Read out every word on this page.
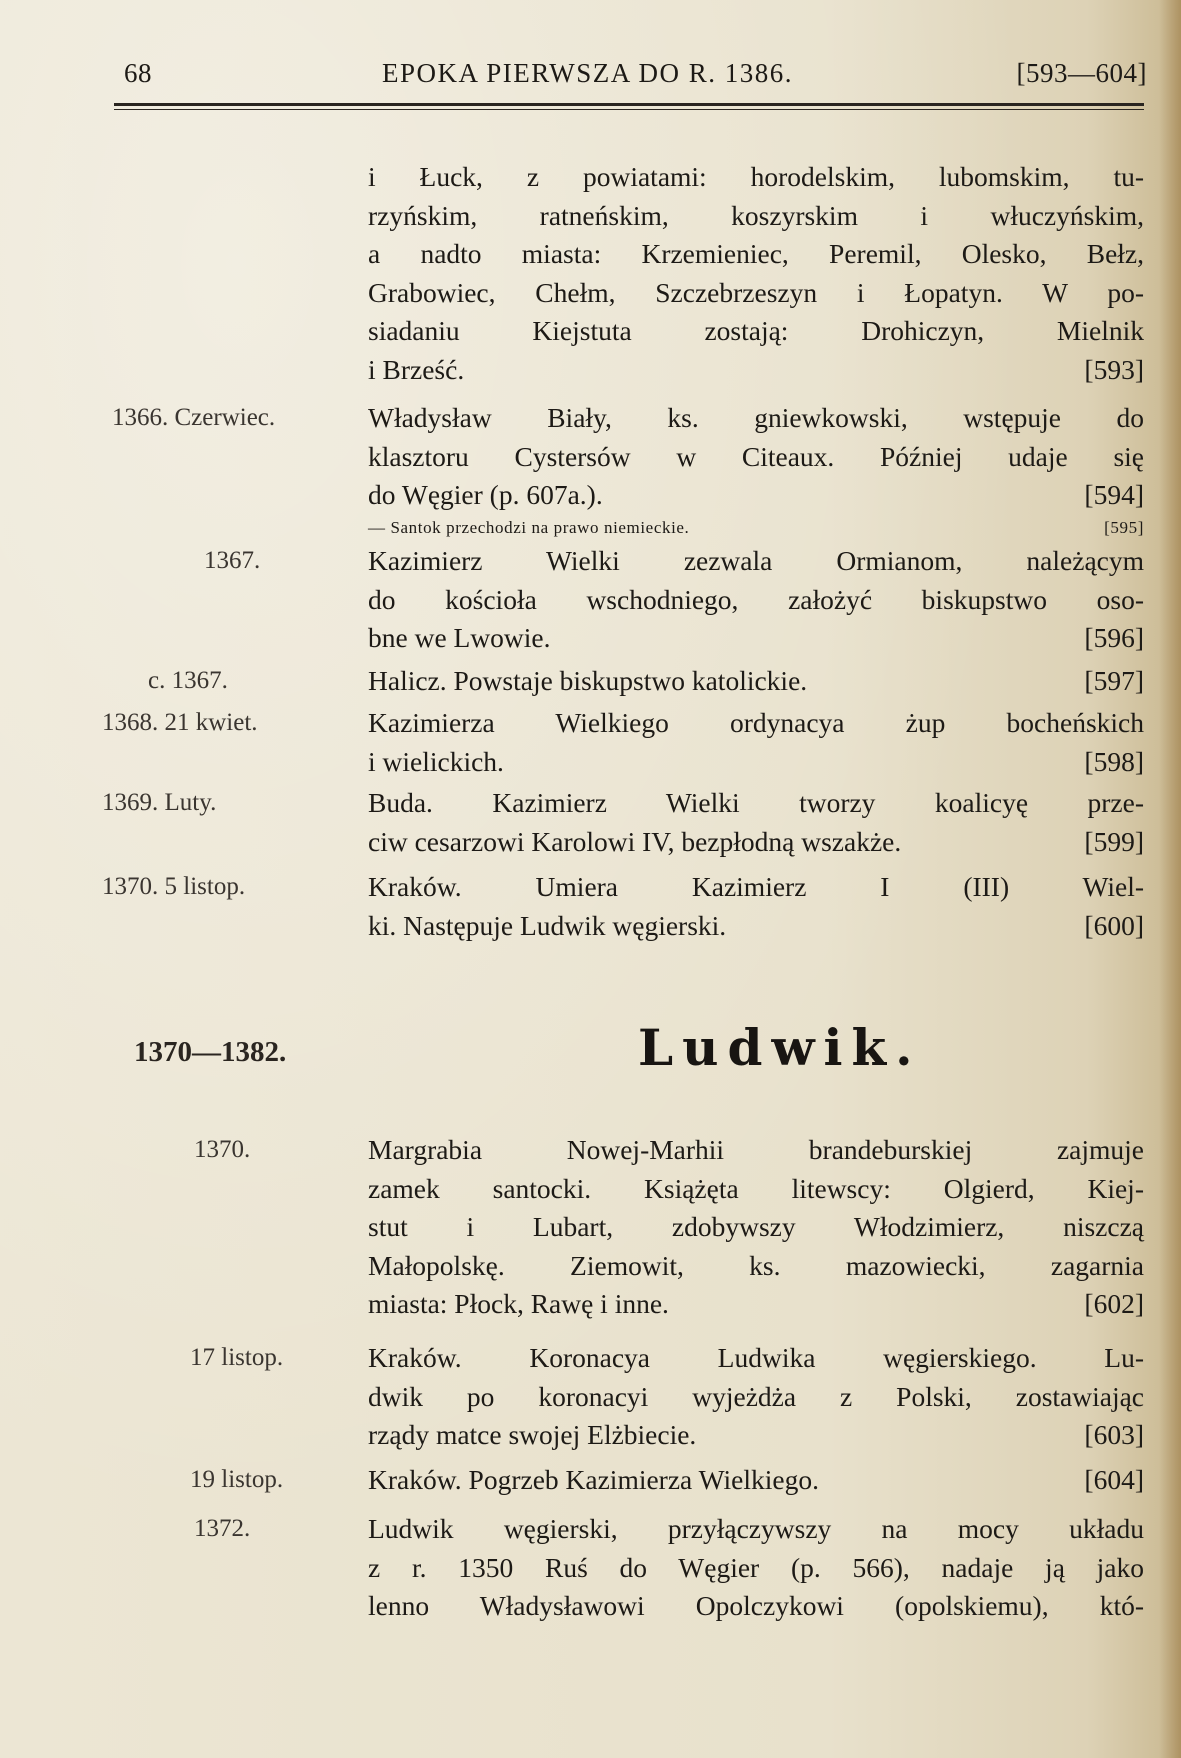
68	EPOKA PIERWSZA DO R. 1386.	[593—604]
i Łuck, z powiatami: horodelskim, lubomskim, tu-
rzyńskim, ratneńskim, koszyrskim i włuczyńskim,
a nadto miasta: Krzemieniec, Peremil, Olesko, Bełz,
Grabowiec, Chełm, Szczebrzeszyn i Łopatyn. W po-
siadaniu Kiejstuta zostają: Drohiczyn, Mielnik
i Brześć.	[593]
1366. Czerwiec.	Władysław Biały, ks. gniewkowski, wstępuje do
klasztoru Cystersów w Citeaux. Później udaje się
do Węgier (p. 607a.).	[594]
— Santok przechodzi na prawo niemieckie.	[595]
1367.	Kazimierz Wielki zezwala Ormianom, należącym
do kościoła wschodniego, założyć biskupstwo oso-
bne we Lwowie.	[596]
c. 1367.	Halicz. Powstaje biskupstwo katolickie.	[597]
1368. 21 kwiet.	Kazimierza Wielkiego ordynacya żup bocheńskich
i wielickich.	[598]
1369. Luty.	Buda. Kazimierz Wielki tworzy koalicyę prze-
ciw cesarzowi Karolowi IV, bezpłodną wszakże.	[599]
1370. 5 listop.	Kraków. Umiera Kazimierz I (III) Wiel-
ki. Następuje Ludwik węgierski.	[600]
1370—1382.	Ludwik.
1370.	Margrabia Nowej-Marhii brandeburskiej zajmuje
zamek santocki. Książęta litewscy: Olgierd, Kiej-
stut i Lubart, zdobywszy Włodzimierz, niszczą
Małopolskę. Ziemowit, ks. mazowiecki, zagarnia
miasta: Płock, Rawę i inne.	[602]
17 listop.	Kraków. Koronacya Ludwika węgierskiego. Lu-
dwik po koronacyi wyjeżdża z Polski, zostawiając
rządy matce swojej Elżbiecie.	[603]
19 listop.	Kraków. Pogrzeb Kazimierza Wielkiego.	[604]
1372.	Ludwik węgierski, przyłączywszy na mocy układu
z r. 1350 Ruś do Węgier (p. 566), nadaje ją jako
lenno Władysławowi Opolczykowi (opolskiemu), któ-
